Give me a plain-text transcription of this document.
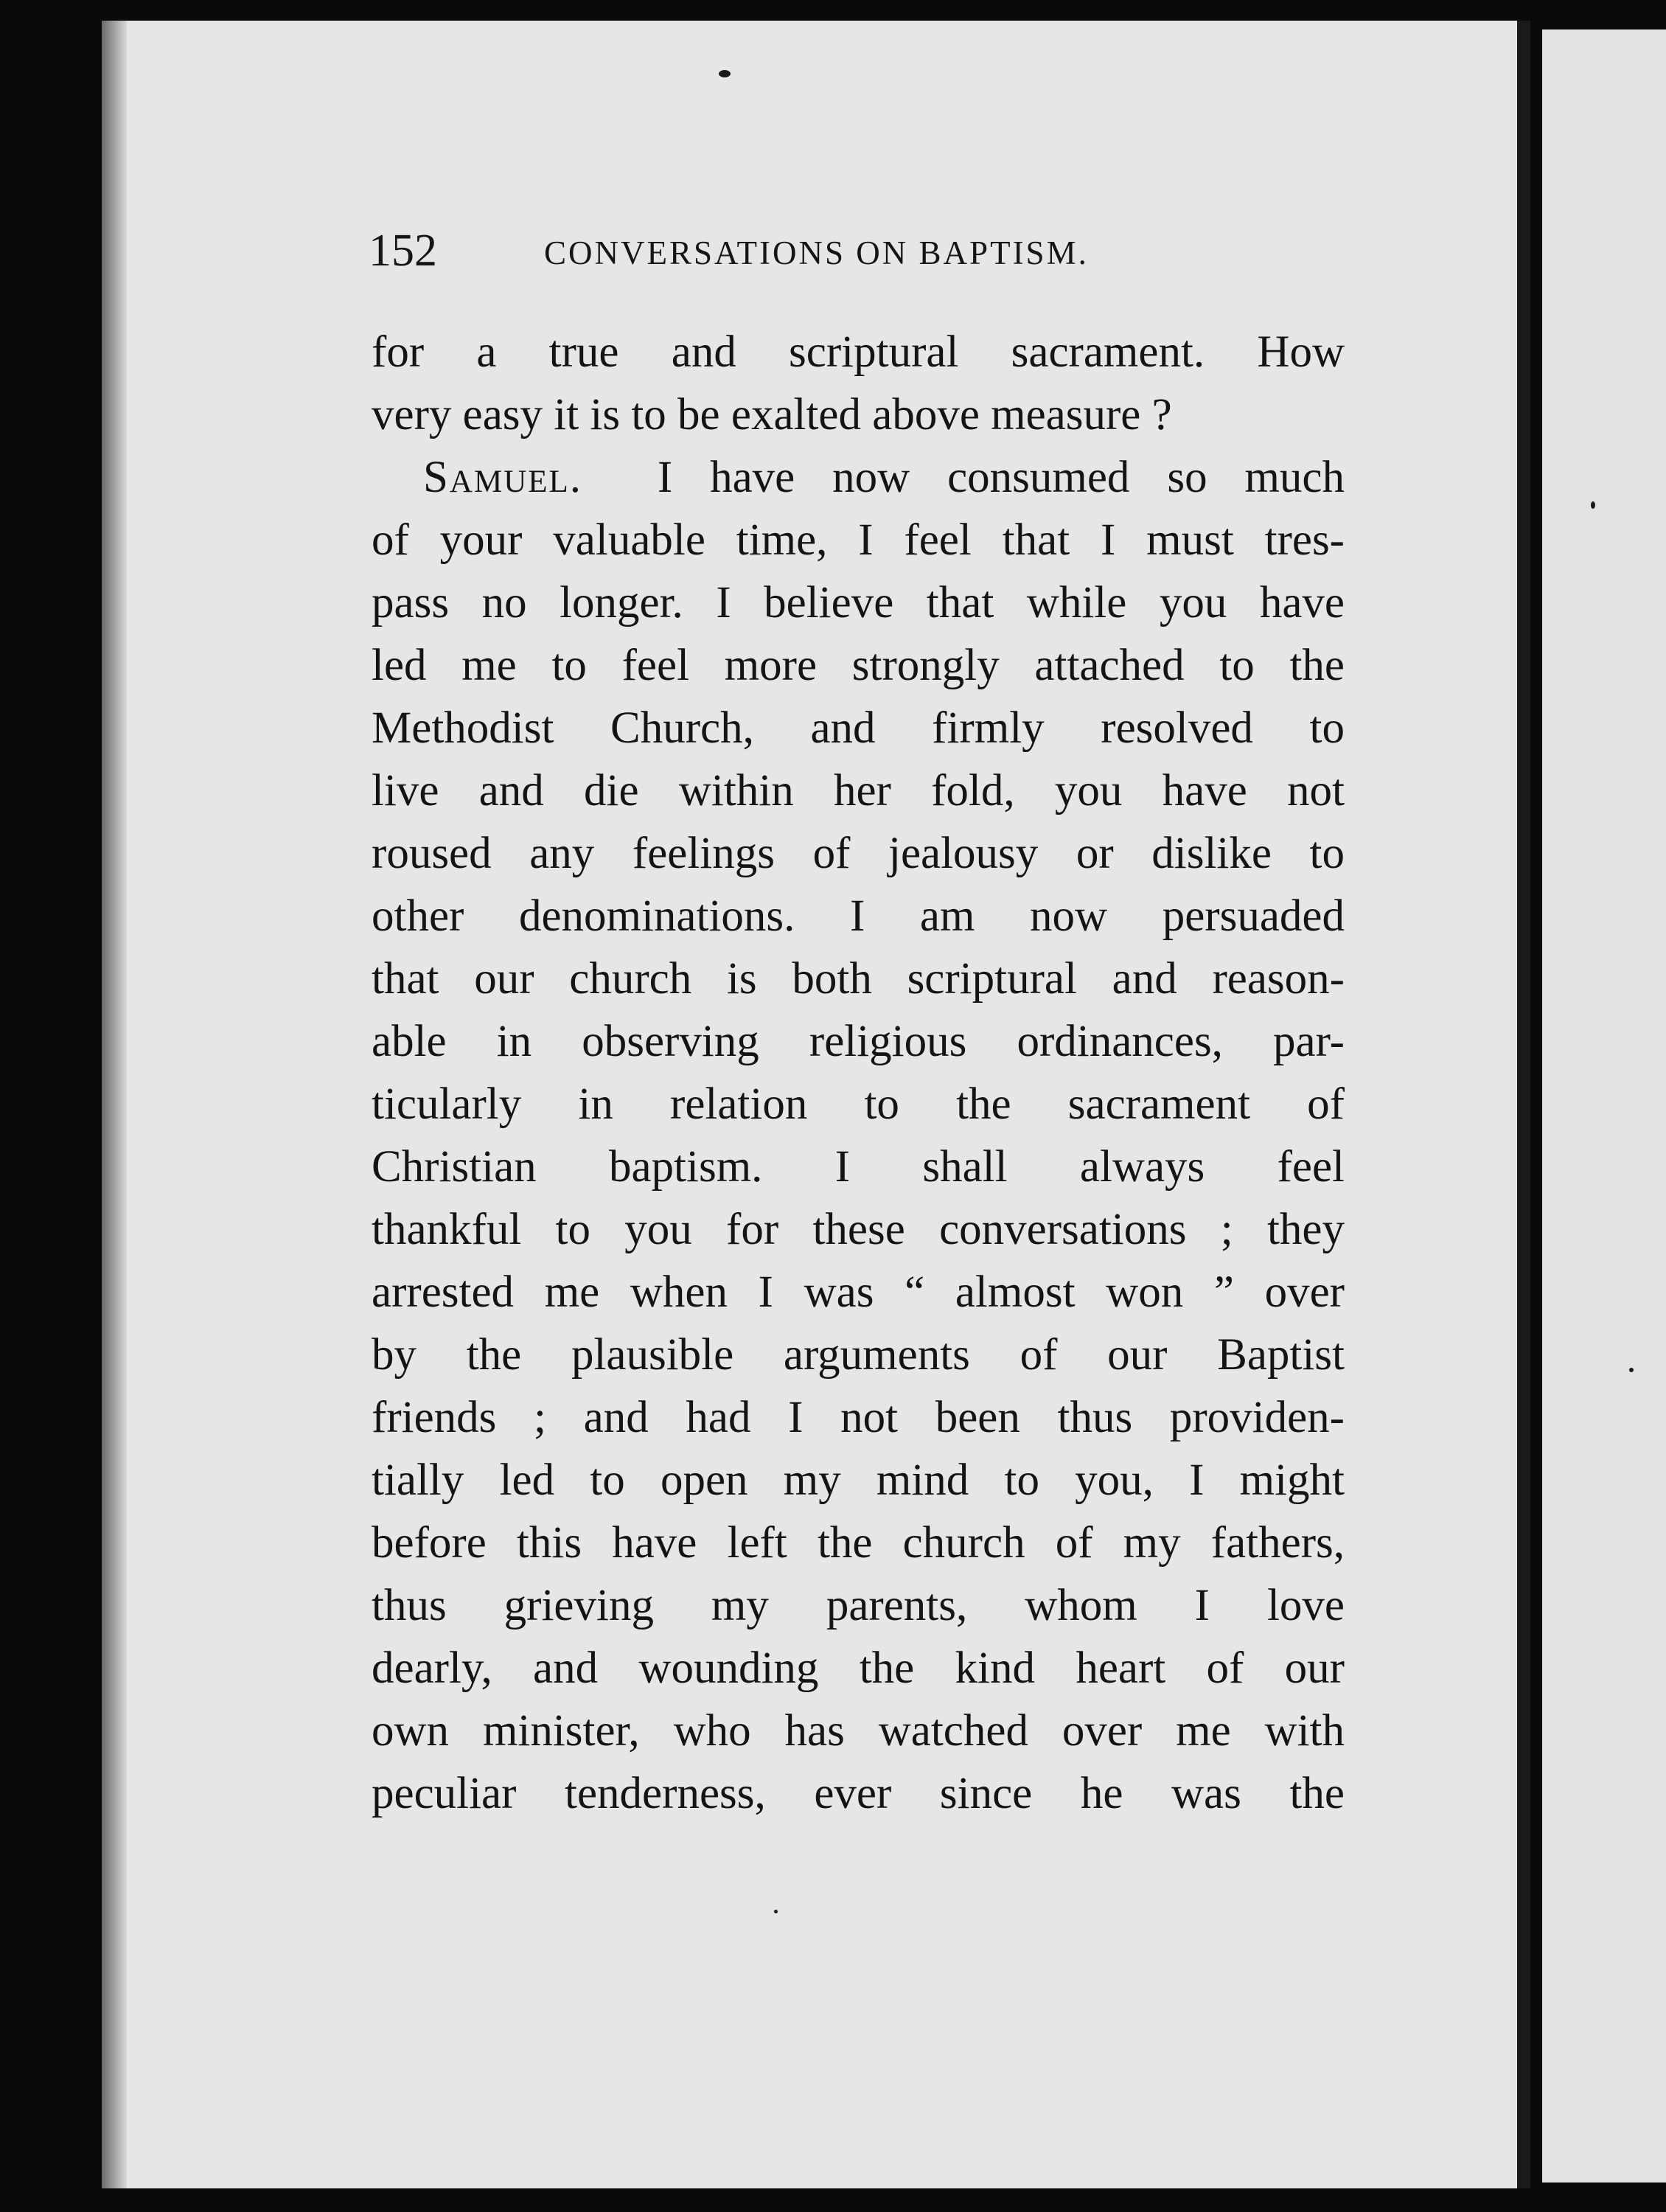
152	CONVERSATIONS ON BAPTISM.
for a true and scriptural sacrament. How
very easy it is to be exalted above measure ?
Samuel. I have now consumed so much
of your valuable time, I feel that I must tres-
pass no longer. I believe that while you have
led me to feel more strongly attached to the
Methodist Church, and firmly resolved to
live and die within her fold, you have not
roused any feelings of jealousy or dislike to
other denominations. I am now persuaded
that our church is both scriptural and reason-
able in observing religious ordinances, par-
ticularly in relation to the sacrament of
Christian baptism. I shall always feel
thankful to you for these conversations ; they
arrested me when I was “ almost won ” over
by the plausible arguments of our Baptist
friends ; and had I not been thus providen-
tially led to open my mind to you, I might
before this have left the church of my fathers,
thus grieving my parents, whom I love
dearly, and wounding the kind heart of our
own minister, who has watched over me with
peculiar tenderness, ever since he was the
